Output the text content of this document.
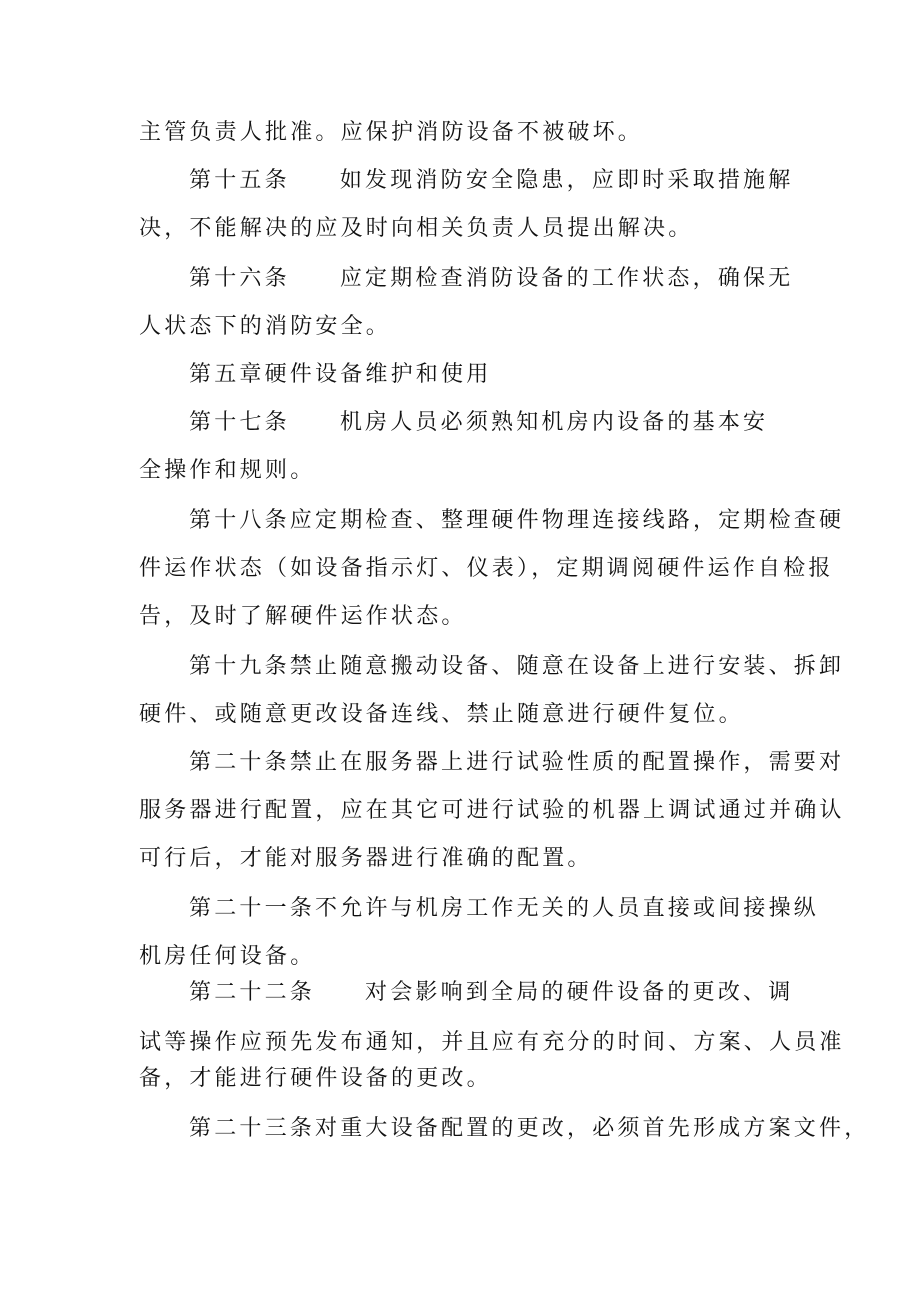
主管负责人批准。应保护消防设备不被破坏。

第十五条 如发现消防安全隐患，应即时采取措施解

决，不能解决的应及时向相关负责人员提出解决。

第十六条 应定期检查消防设备的工作状态，确保无

人状态下的消防安全。

第五章硬件设备维护和使用

第十七条 机房人员必须熟知机房内设备的基本安

全操作和规则。

第十八条应定期检查、整理硬件物理连接线路，定期检查硬

件运作状态（如设备指示灯、仪表），定期调阅硬件运作自检报

告，及时了解硬件运作状态。

第十九条禁止随意搬动设备、随意在设备上进行安装、拆卸

硬件、或随意更改设备连线、禁止随意进行硬件复位。

第二十条禁止在服务器上进行试验性质的配置操作，需要对

服务器进行配置，应在其它可进行试验的机器上调试通过并确认

可行后，才能对服务器进行准确的配置。

第二十一条不允许与机房工作无关的人员直接或间接操纵

机房任何设备。

第二十二条 对会影响到全局的硬件设备的更改、调

试等操作应预先发布通知，并且应有充分的时间、方案、人员准

备，才能进行硬件设备的更改。

第二十三条对重大设备配置的更改，必须首先形成方案文件，
